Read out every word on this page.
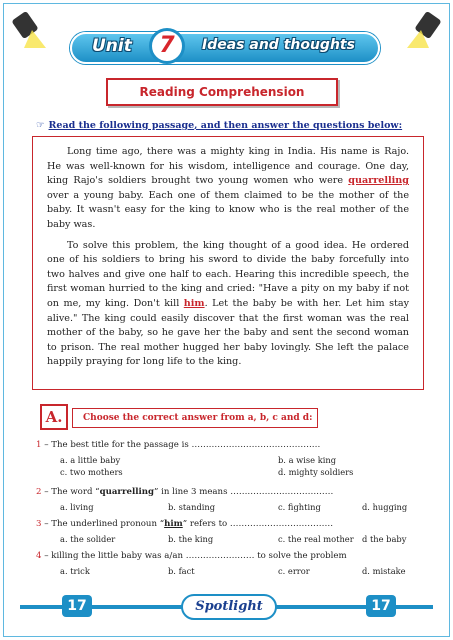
Unit	7	Ideas and thoughts
Reading Comprehension
☞ Read the following passage, and then answer the questions below:

Long time ago, there was a mighty king in India. His name is Rajo. He was well-known for his wisdom, intelligence and courage. One day, king Rajo's soldiers brought two young women who were quarrelling over a young baby. Each one of them claimed to be the mother of the baby. It wasn't easy for the king to know who is the real mother of the baby was.

To solve this problem, the king thought of a good idea. He ordered one of his soldiers to bring his sword to divide the baby forcefully into two halves and give one half to each. Hearing this incredible speech, the first woman hurried to the king and cried: "Have a pity on my baby if not on me, my king. Don't kill him. Let the baby be with her. Let him stay alive." The king could easily discover that the first woman was the real mother of the baby, so he gave her the baby and sent the second woman to prison. The real mother hugged her baby lovingly. She left the palace happily praying for long life to the king.

A.	Choose the correct answer from a, b, c and d:
1 – The best title for the passage is ………………………………………
a. a little baby	b. a wise king
c. two mothers	d. mighty soldiers
2 – The word “quarrelling” in line 3 means ………………………………
a. living	b. standing	c. fighting	d. hugging
3 – The underlined pronoun “him” refers to ………………………………
a. the solider	b. the king	c. the real mother d the baby
4 – killing the little baby was a/an …………………… to solve the problem
a. trick	b. fact	c. error	d. mistake
17	Spotlight	17
